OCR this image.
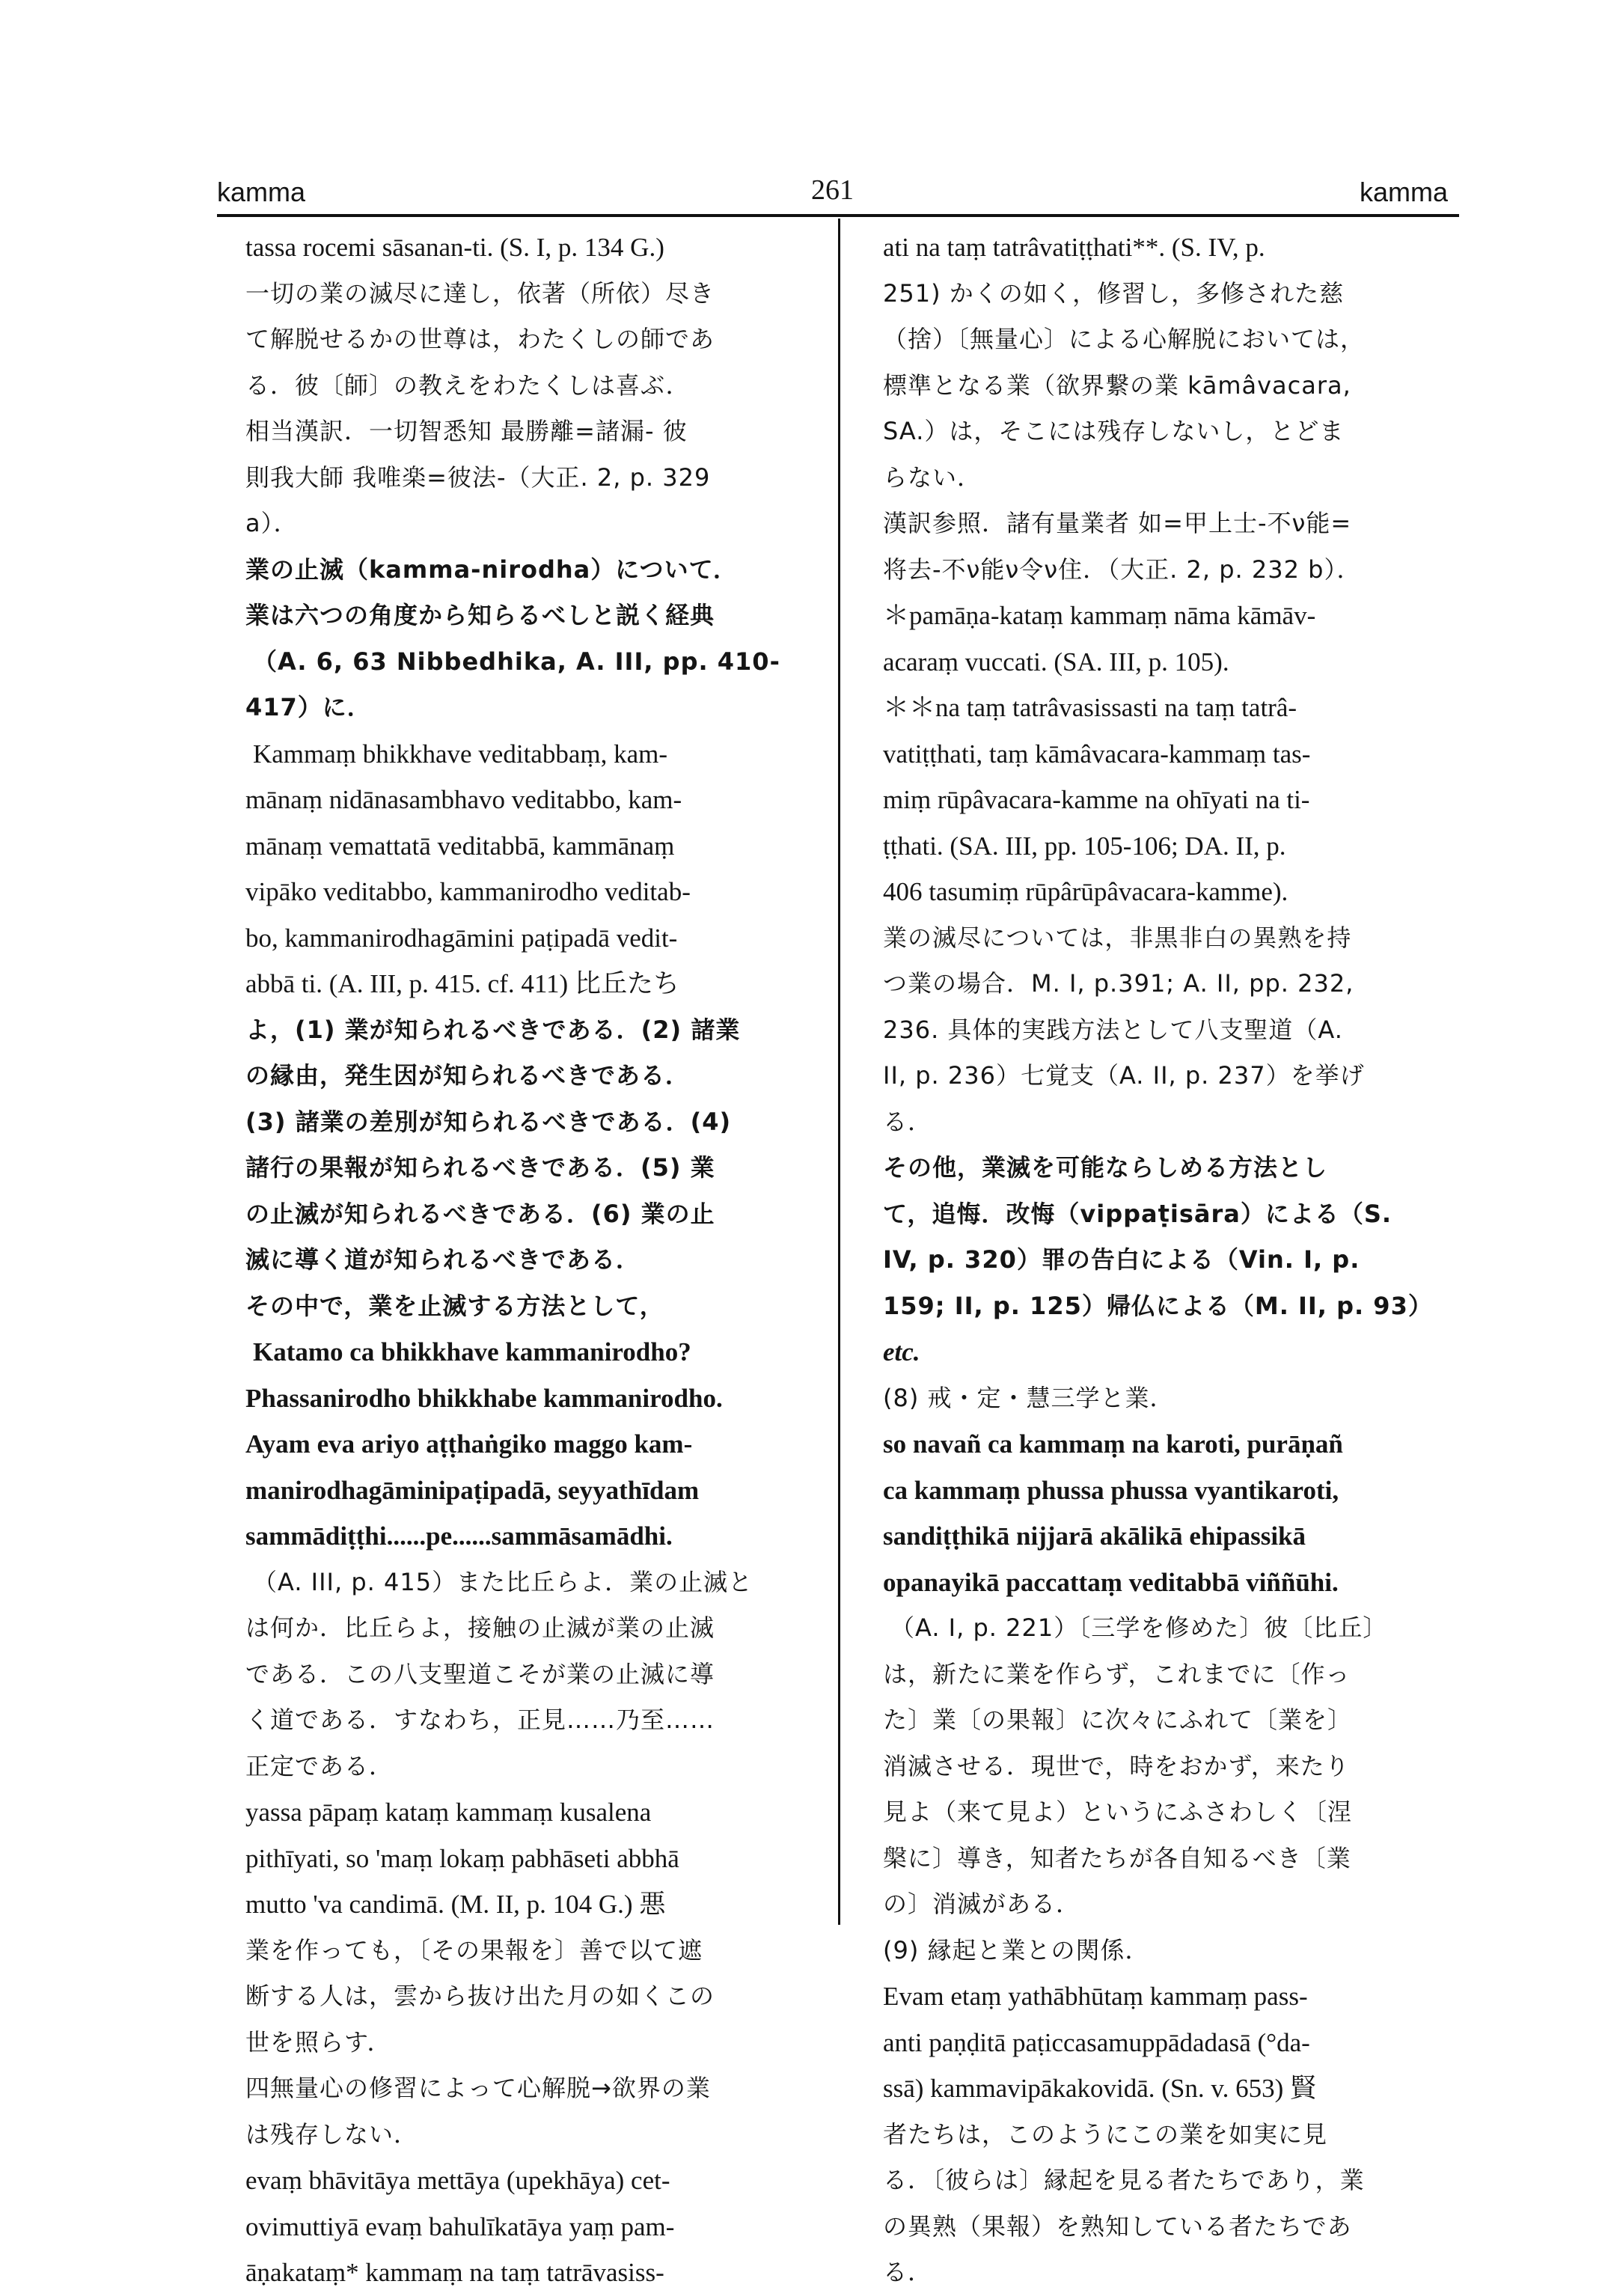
kamma	261	kamma
tassa rocemi sāsanan-ti. (S. I, p. 134 G.)
一切の業の滅尽に達し，依著（所依）尽き
て解脱せるかの世尊は，わたくしの師であ
る．彼〔師〕の教えをわたくしは喜ぶ．
相当漢訳．一切智悉知 最勝離=諸漏- 彼
則我大師 我唯楽=彼法-（大正. 2, p. 329
a）．
業の止滅（kamma-nirodha）について．
業は六つの角度から知らるべしと説く経典
（A. 6, 63 Nibbedhika, A. III, pp. 410-
417）に．
Kammaṃ bhikkhave veditabbaṃ, kam-
mānaṃ nidānasambhavo veditabbo, kam-
mānaṃ vemattatā veditabbā, kammānaṃ
vipāko veditabbo, kammanirodho veditab-
bo, kammanirodhagāmini paṭipadā vedit-
abbā ti. (A. III, p. 415. cf. 411) 比丘たち
よ，(1) 業が知られるべきである．(2) 諸業
の縁由，発生因が知られるべきである．
(3) 諸業の差別が知られるべきである．(4)
諸行の果報が知られるべきである．(5) 業
の止滅が知られるべきである．(6) 業の止
滅に導く道が知られるべきである．
その中で，業を止滅する方法として，
Katamo ca bhikkhave kammanirodho?
Phassanirodho bhikkhabe kammanirodho.
Ayam eva ariyo aṭṭhaṅgiko maggo kam-
manirodhagāminipaṭipadā, seyyathīdam
sammādiṭṭhi......pe......sammāsamādhi.
（A. III, p. 415）また比丘らよ．業の止滅と
は何か．比丘らよ，接触の止滅が業の止滅
である．この八支聖道こそが業の止滅に導
く道である．すなわち，正見……乃至……
正定である．
yassa pāpaṃ kataṃ kammaṃ kusalena
pithīyati, so 'maṃ lokaṃ pabhāseti abbhā
mutto 'va candimā. (M. II, p. 104 G.) 悪
業を作っても，〔その果報を〕善で以て遮
断する人は，雲から抜け出た月の如くこの
世を照らす．
四無量心の修習によって心解脱→欲界の業
は残存しない．
evaṃ bhāvitāya mettāya (upekhāya) cet-
ovimuttiyā evaṃ bahulīkatāya yaṃ pam-
āṇakataṃ* kammaṃ na taṃ tatrāvasiss-
ati na taṃ tatrâvatiṭṭhati**. (S. IV, p.
251) かくの如く，修習し，多修された慈
（捨）〔無量心〕による心解脱においては，
標準となる業（欲界繋の業 kāmâvacara,
SA.）は，そこには残存しないし，とどま
らない．
漢訳参照．諸有量業者 如=甲上士-不ν能=
将去-不ν能ν令ν住．（大正. 2, p. 232 b）．
＊pamāṇa-kataṃ kammaṃ nāma kāmāv-
acaraṃ vuccati. (SA. III, p. 105).
＊＊na taṃ tatrâvasissasti na taṃ tatrâ-
vatiṭṭhati, taṃ kāmâvacara-kammaṃ tas-
miṃ rūpâvacara-kamme na ohīyati na ti-
ṭṭhati. (SA. III, pp. 105-106; DA. II, p.
406 tasumiṃ rūpârūpâvacara-kamme).
業の滅尽については，非黒非白の異熟を持
つ業の場合．M. I, p.391; A. II, pp. 232,
236. 具体的実践方法として八支聖道（A.
II, p. 236）七覚支（A. II, p. 237）を挙げ
る．
その他，業滅を可能ならしめる方法とし
て，追悔．改悔（vippaṭisāra）による（S.
IV, p. 320）罪の告白による（Vin. I, p.
159; II, p. 125）帰仏による（M. II, p. 93）
etc.
(8) 戒・定・慧三学と業．
so navañ ca kammaṃ na karoti, purāṇañ
ca kammaṃ phussa phussa vyantikaroti,
sandiṭṭhikā nijjarā akālikā ehipassikā
opanayikā paccattaṃ veditabbā viññūhi.
（A. I, p. 221）〔三学を修めた〕彼〔比丘〕
は，新たに業を作らず，これまでに〔作っ
た〕業〔の果報〕に次々にふれて〔業を〕
消滅させる．現世で，時をおかず，来たり
見よ（来て見よ）というにふさわしく〔涅
槃に〕導き，知者たちが各自知るべき〔業
の〕消滅がある．
(9) 縁起と業との関係．
Evam etaṃ yathābhūtaṃ kammaṃ pass-
anti paṇḍitā paṭiccasamuppādadasā (°da-
ssā) kammavipākakovidā. (Sn. v. 653) 賢
者たちは，このようにこの業を如実に見
る．〔彼らは〕縁起を見る者たちであり，業
の異熟（果報）を熟知している者たちであ
る．
